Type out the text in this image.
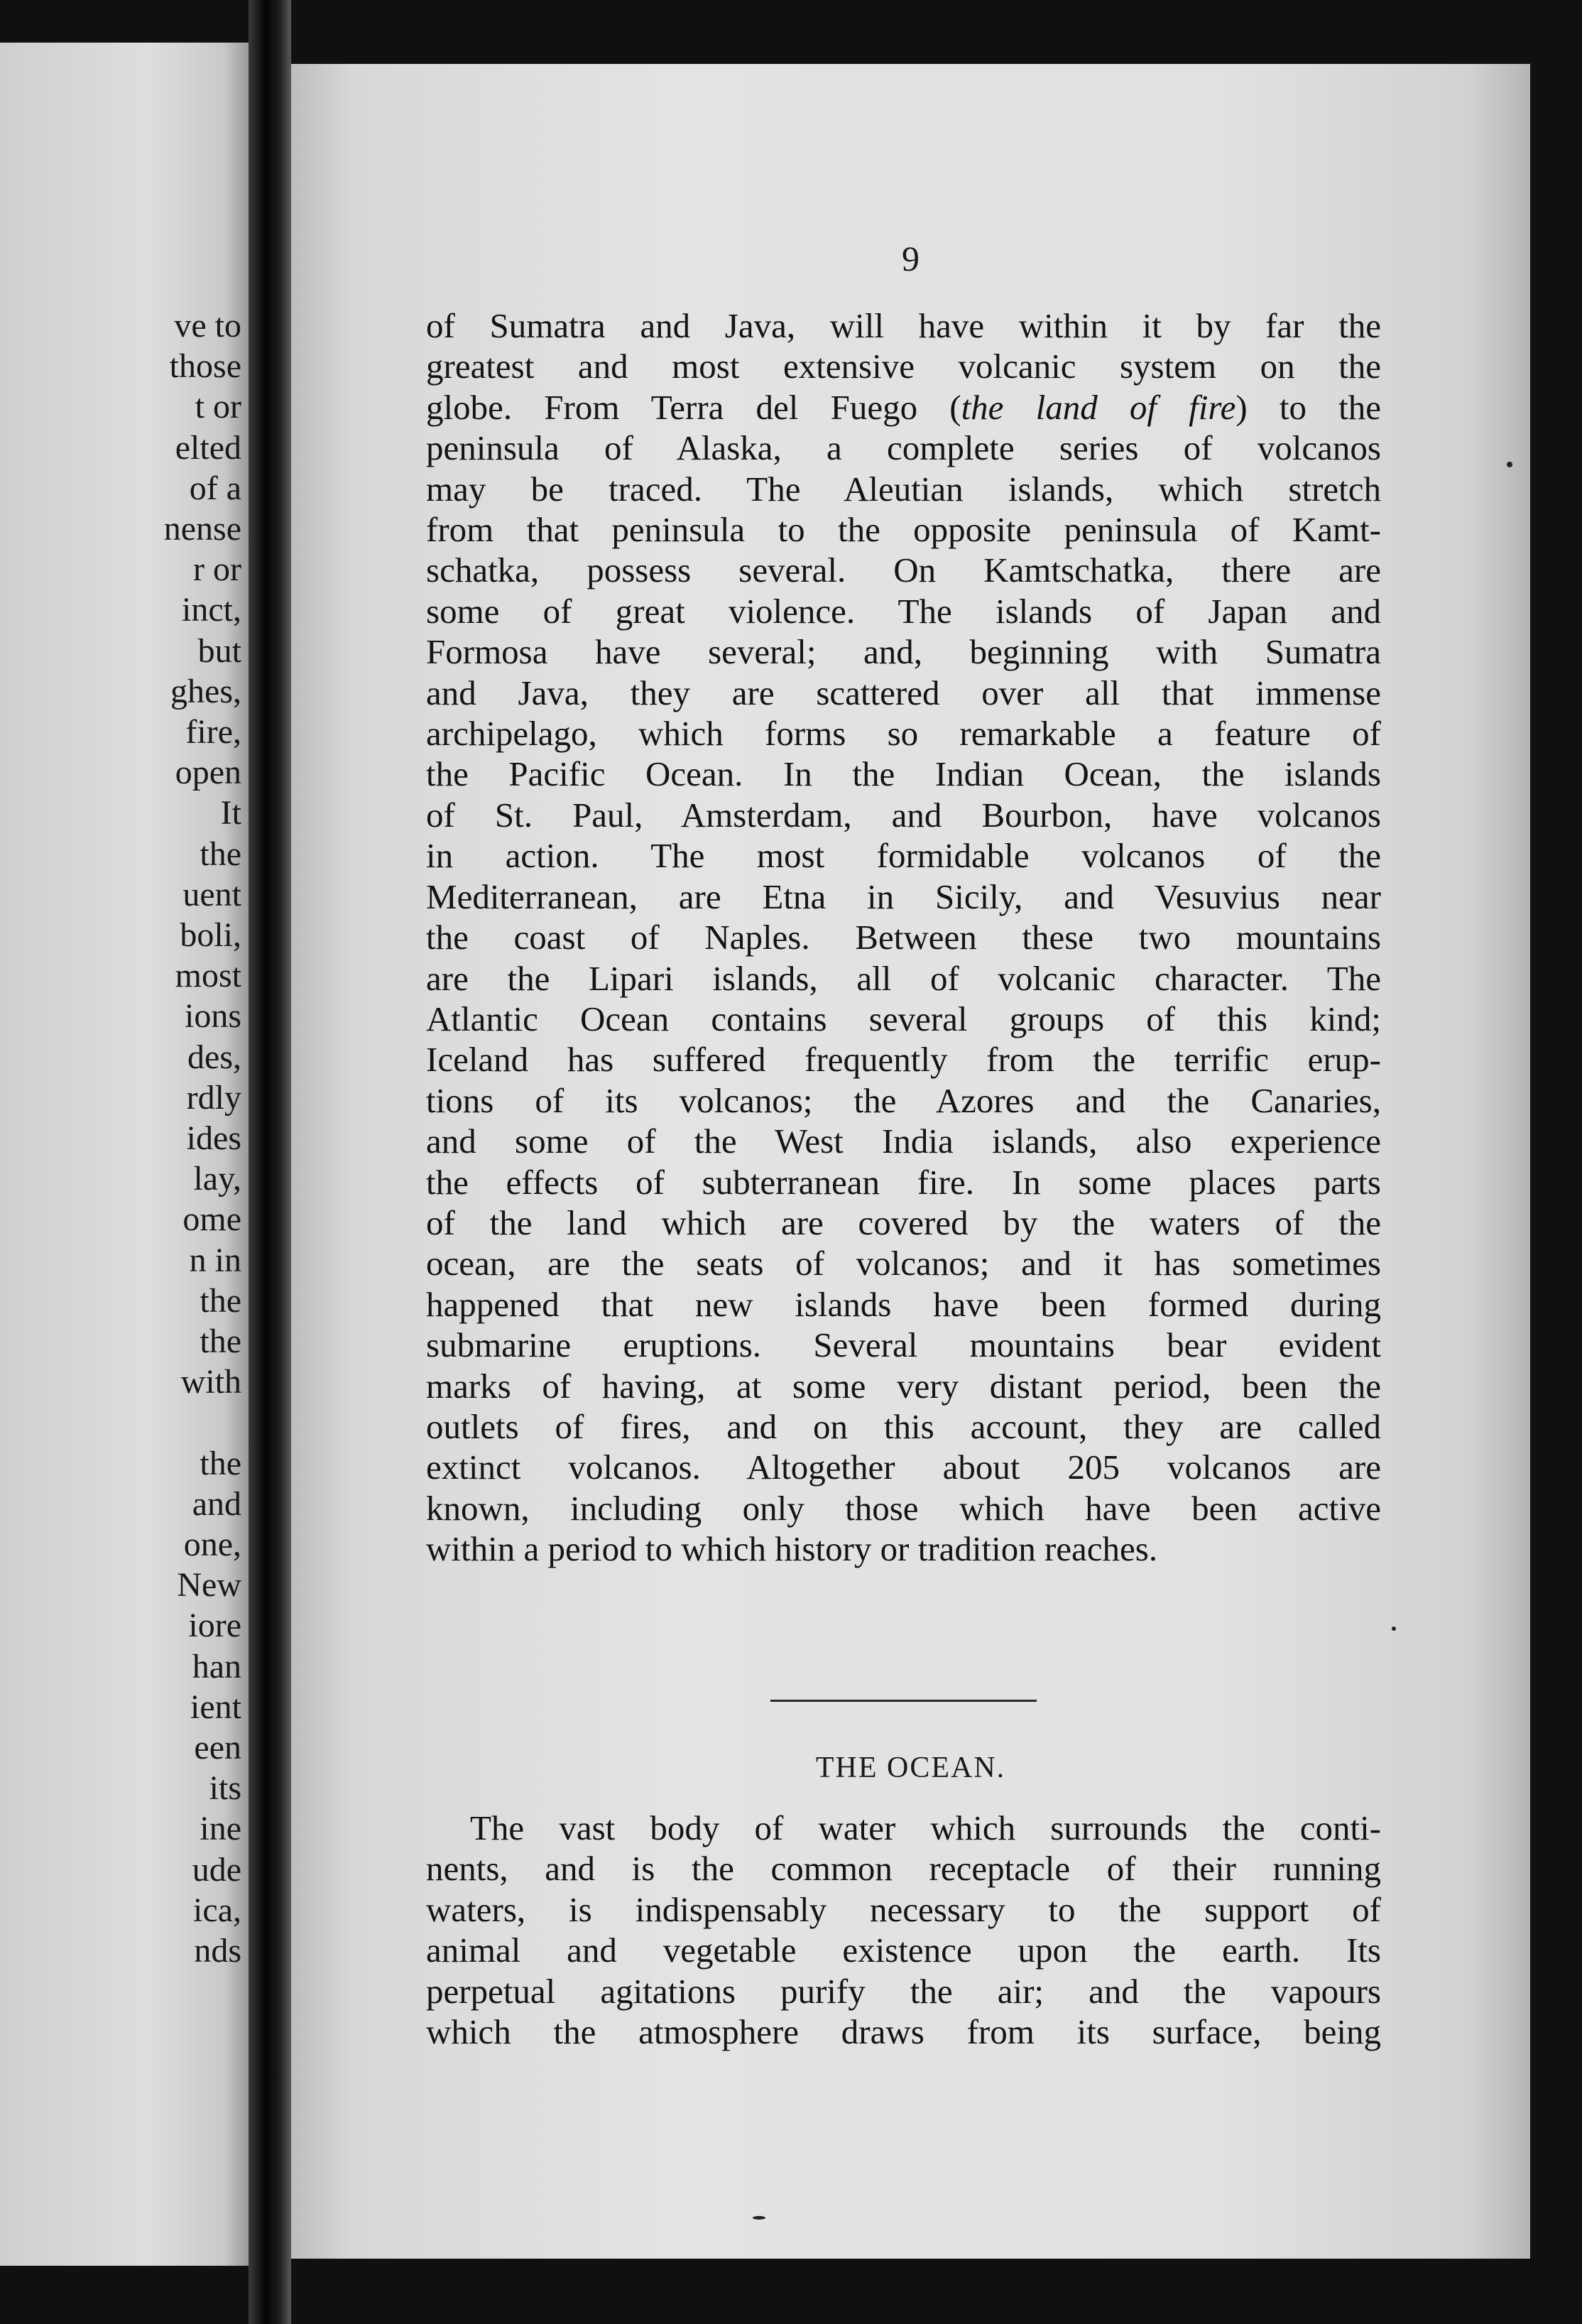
ve to
those
t or
elted
of a
nense
r or
inct,
but
ghes,
fire,
open
It
the
uent
boli,
most
ions
des,
rdly
ides
lay,
ome
n in
the
the
with
the
and
one,
New
iore
han
ient
een
its
ine
ude
ica,
nds
9
of Sumatra and Java, will have within it by far the
greatest and most extensive volcanic system on the
globe. From Terra del Fuego (the land of fire) to the
peninsula of Alaska, a complete series of volcanos
may be traced. The Aleutian islands, which stretch
from that peninsula to the opposite peninsula of Kamt-
schatka, possess several. On Kamtschatka, there are
some of great violence. The islands of Japan and
Formosa have several; and, beginning with Sumatra
and Java, they are scattered over all that immense
archipelago, which forms so remarkable a feature of
the Pacific Ocean. In the Indian Ocean, the islands
of St. Paul, Amsterdam, and Bourbon, have volcanos
in action. The most formidable volcanos of the
Mediterranean, are Etna in Sicily, and Vesuvius near
the coast of Naples. Between these two mountains
are the Lipari islands, all of volcanic character. The
Atlantic Ocean contains several groups of this kind;
Iceland has suffered frequently from the terrific erup-
tions of its volcanos; the Azores and the Canaries,
and some of the West India islands, also experience
the effects of subterranean fire. In some places parts
of the land which are covered by the waters of the
ocean, are the seats of volcanos; and it has sometimes
happened that new islands have been formed during
submarine eruptions. Several mountains bear evident
marks of having, at some very distant period, been the
outlets of fires, and on this account, they are called
extinct volcanos. Altogether about 205 volcanos are
known, including only those which have been active
within a period to which history or tradition reaches.
THE OCEAN.
The vast body of water which surrounds the conti-
nents, and is the common receptacle of their running
waters, is indispensably necessary to the support of
animal and vegetable existence upon the earth. Its
perpetual agitations purify the air; and the vapours
which the atmosphere draws from its surface, being
